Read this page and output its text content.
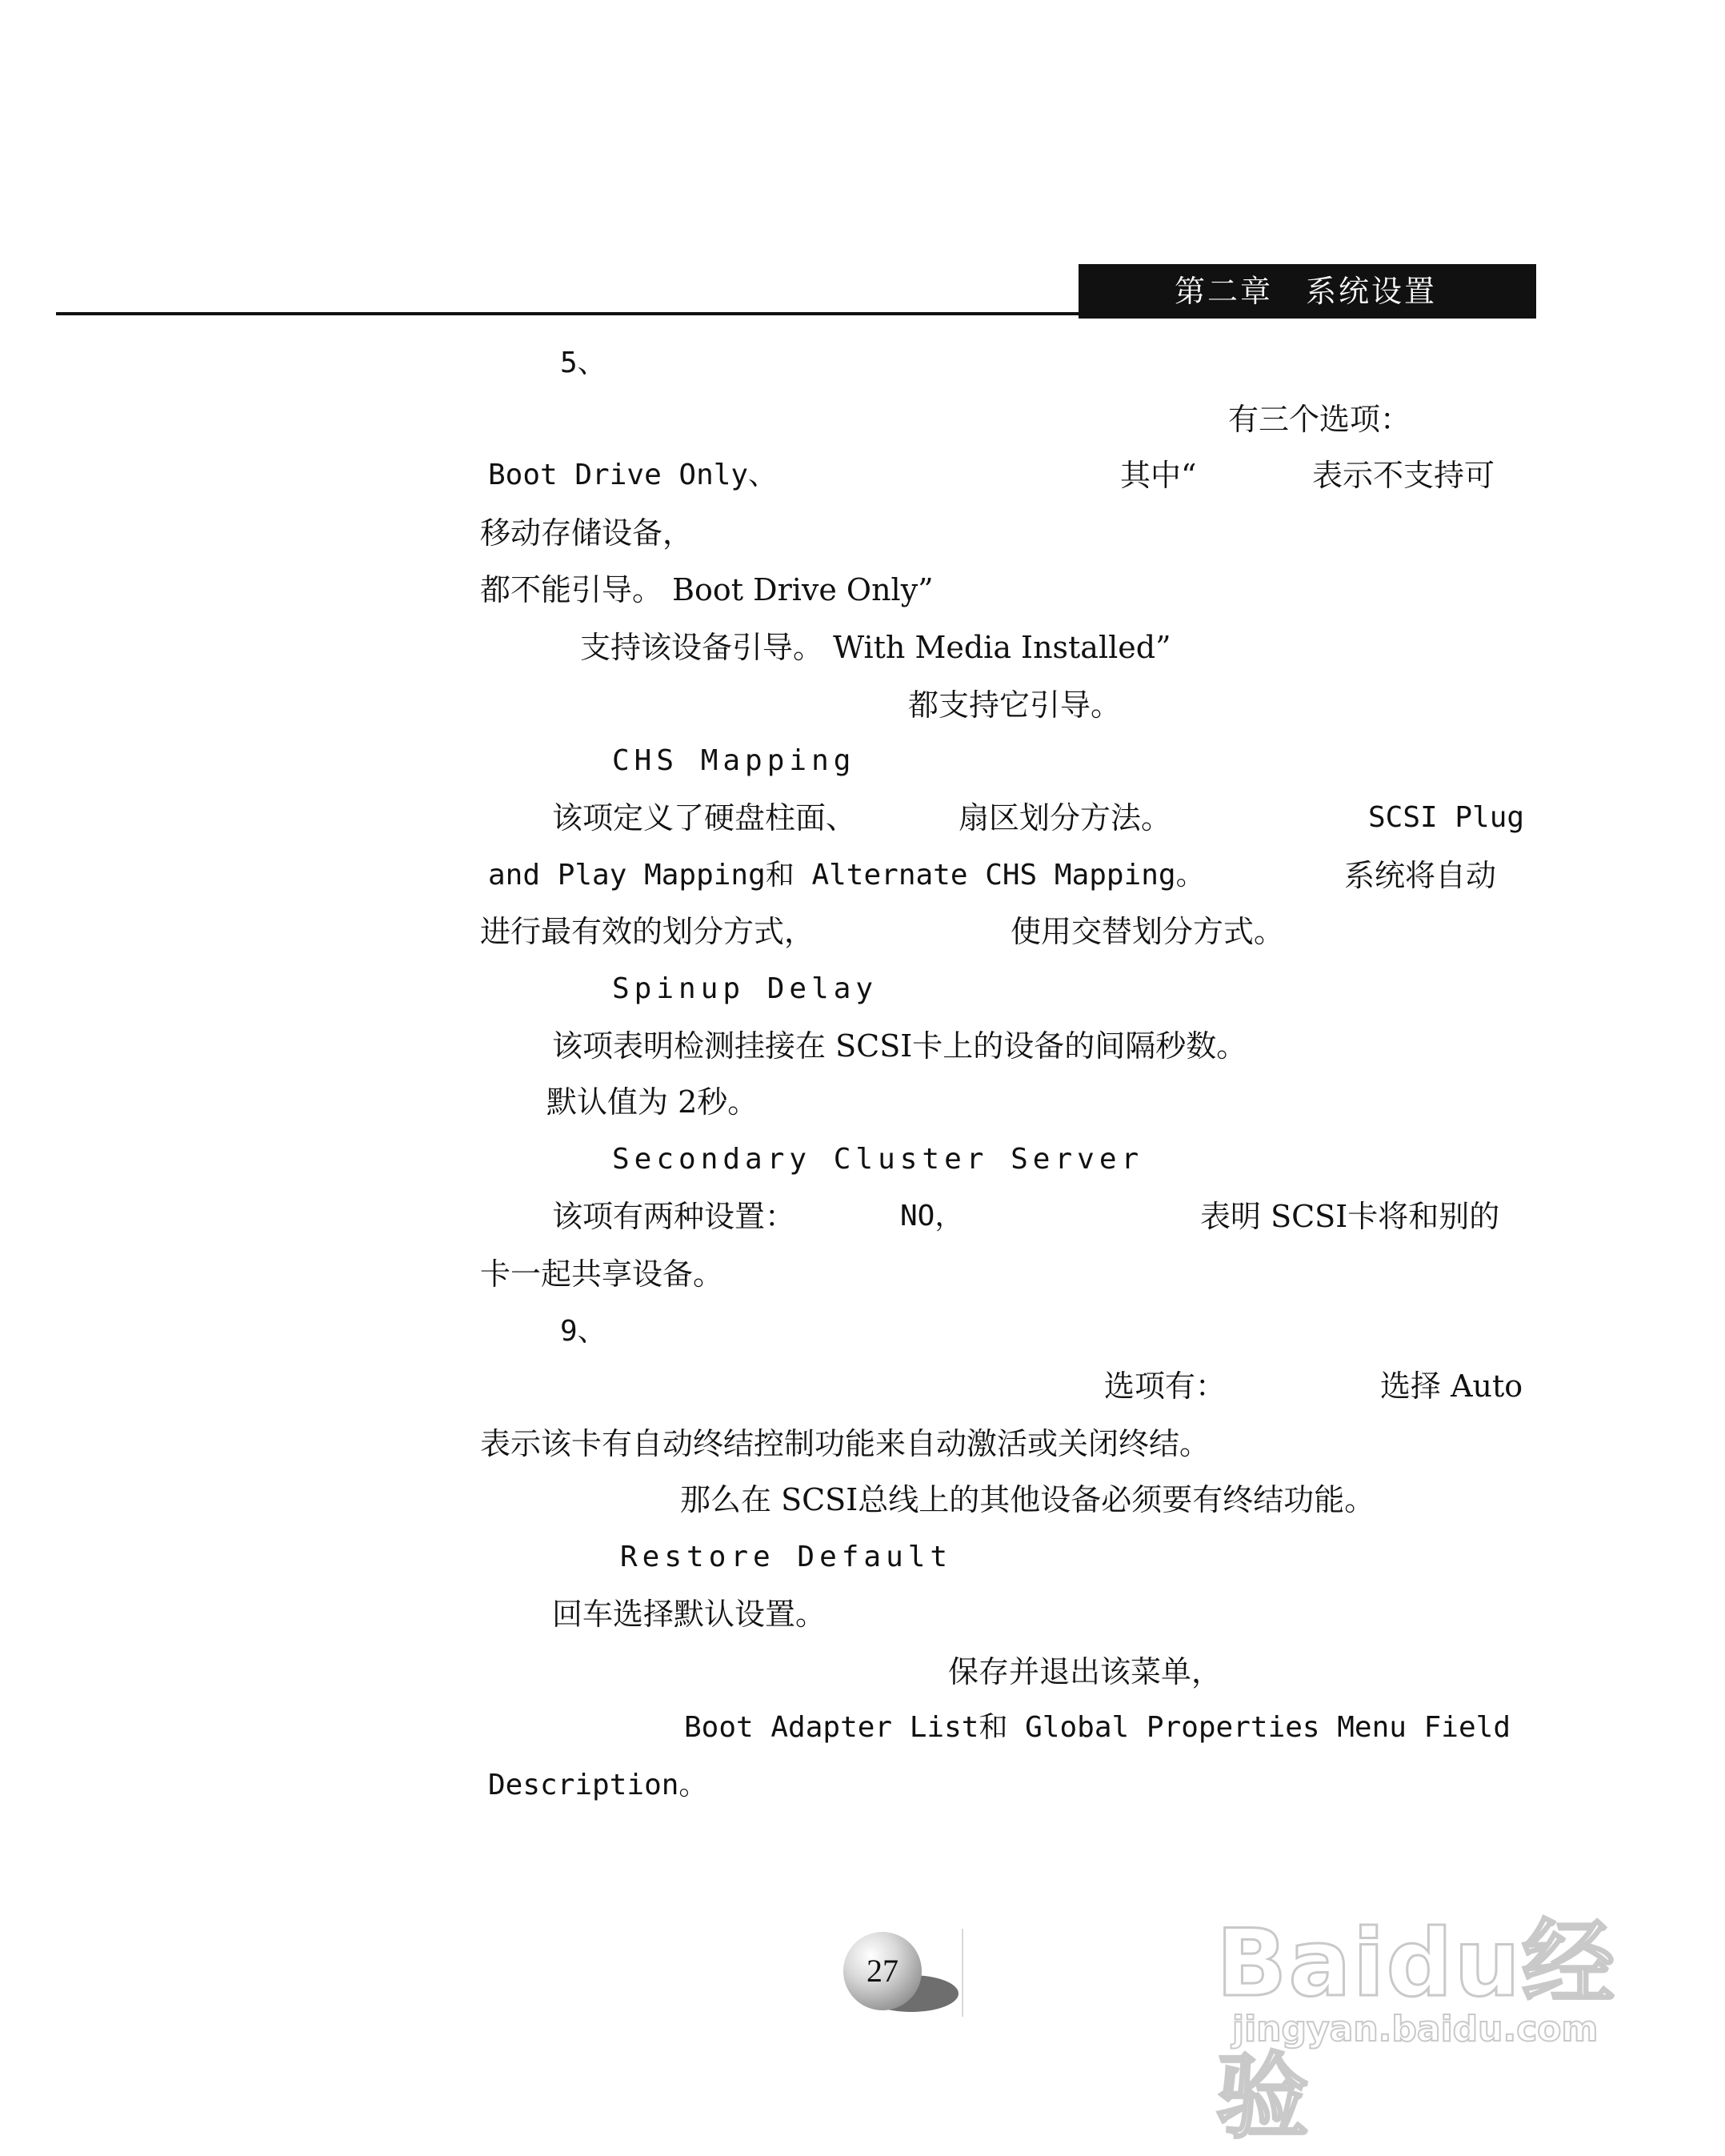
第二章　系统设置
5、
有三个选项：
Boot Drive Only、	其中“	表示不支持可
移动存储设备，
都不能引导。 Boot Drive Only”
支持该设备引导。 With Media Installed”
都支持它引导。
CHS Mapping
该项定义了硬盘柱面、	扇区划分方法。	SCSI Plug
and Play Mapping和 Alternate CHS Mapping。	系统将自动
进行最有效的划分方式，	使用交替划分方式。
Spinup Delay
该项表明检测挂接在 SCSI卡上的设备的间隔秒数。
默认值为 2秒。
Secondary Cluster Server
该项有两种设置：	NO，	表明 SCSI卡将和别的
卡一起共享设备。
9、
选项有：	选择 Auto
表示该卡有自动终结控制功能来自动激活或关闭终结。
那么在 SCSI总线上的其他设备必须要有终结功能。
Restore Default
回车选择默认设置。
保存并退出该菜单，
Boot Adapter List和 Global Properties Menu Field
Description。
27	Baidu经验
jingyan.baidu.com
